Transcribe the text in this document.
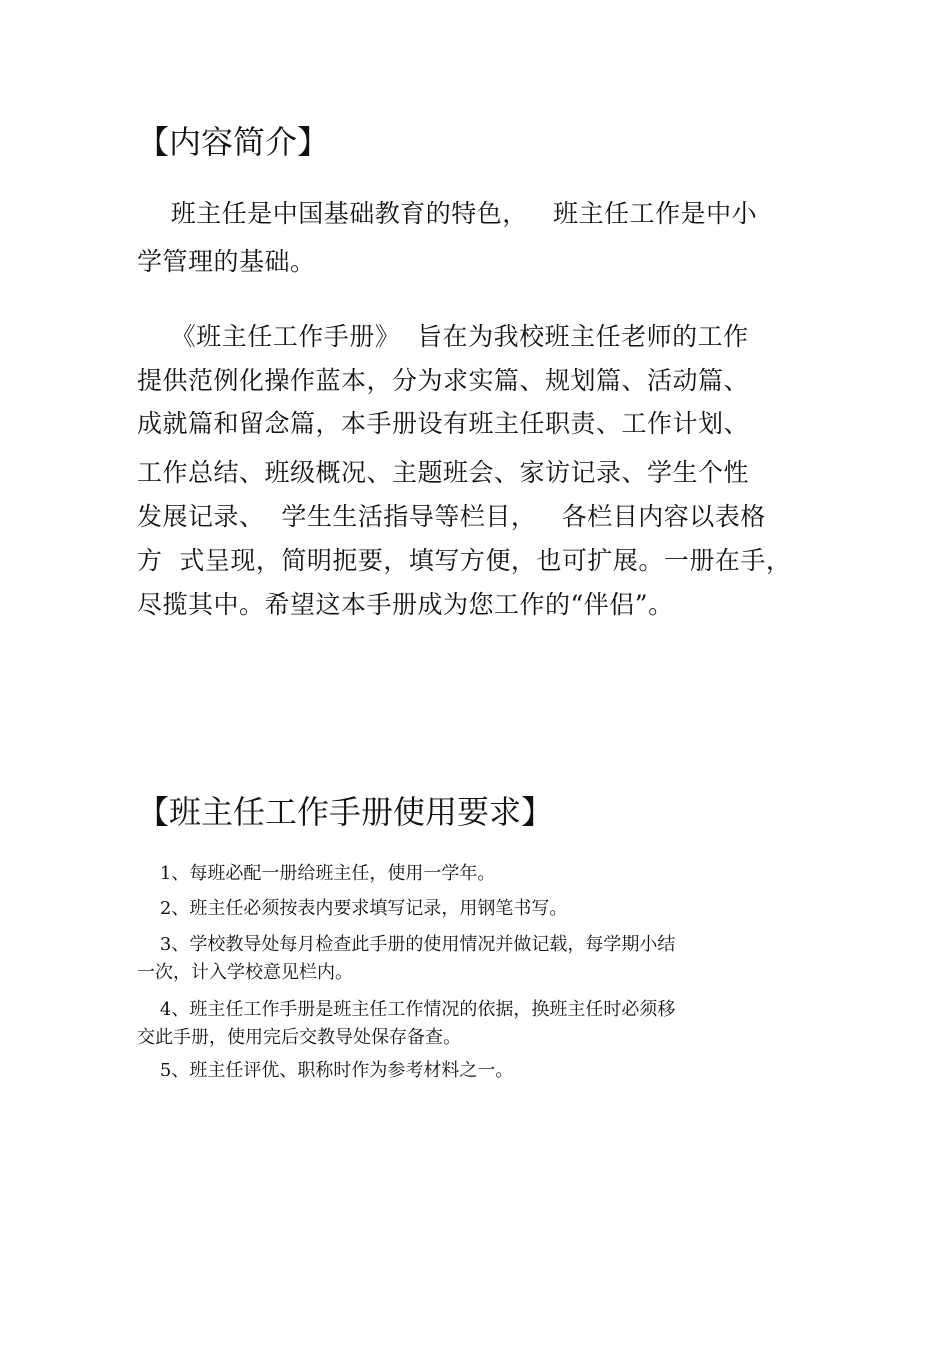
【内容简介】

班主任是中国基础教育的特色，   班主任工作是中小

学管理的基础。

《班主任工作手册》  旨在为我校班主任老师的工作

提供范例化操作蓝本，分为求实篇、规划篇、活动篇、

成就篇和留念篇，本手册设有班主任职责、工作计划、

工作总结、班级概况、主题班会、家访记录、学生个性

发展记录、  学生生活指导等栏目，   各栏目内容以表格

方  式呈现，简明扼要，填写方便，也可扩展。一册在手，

尽揽其中。希望这本手册成为您工作的“伴侣”。

【班主任工作手册使用要求】

1、每班必配一册给班主任，使用一学年。

2、班主任必须按表内要求填写记录，用钢笔书写。

3、学校教导处每月检查此手册的使用情况并做记载，每学期小结

一次，计入学校意见栏内。

4、班主任工作手册是班主任工作情况的依据，换班主任时必须移

交此手册，使用完后交教导处保存备查。

5、班主任评优、职称时作为参考材料之一。
